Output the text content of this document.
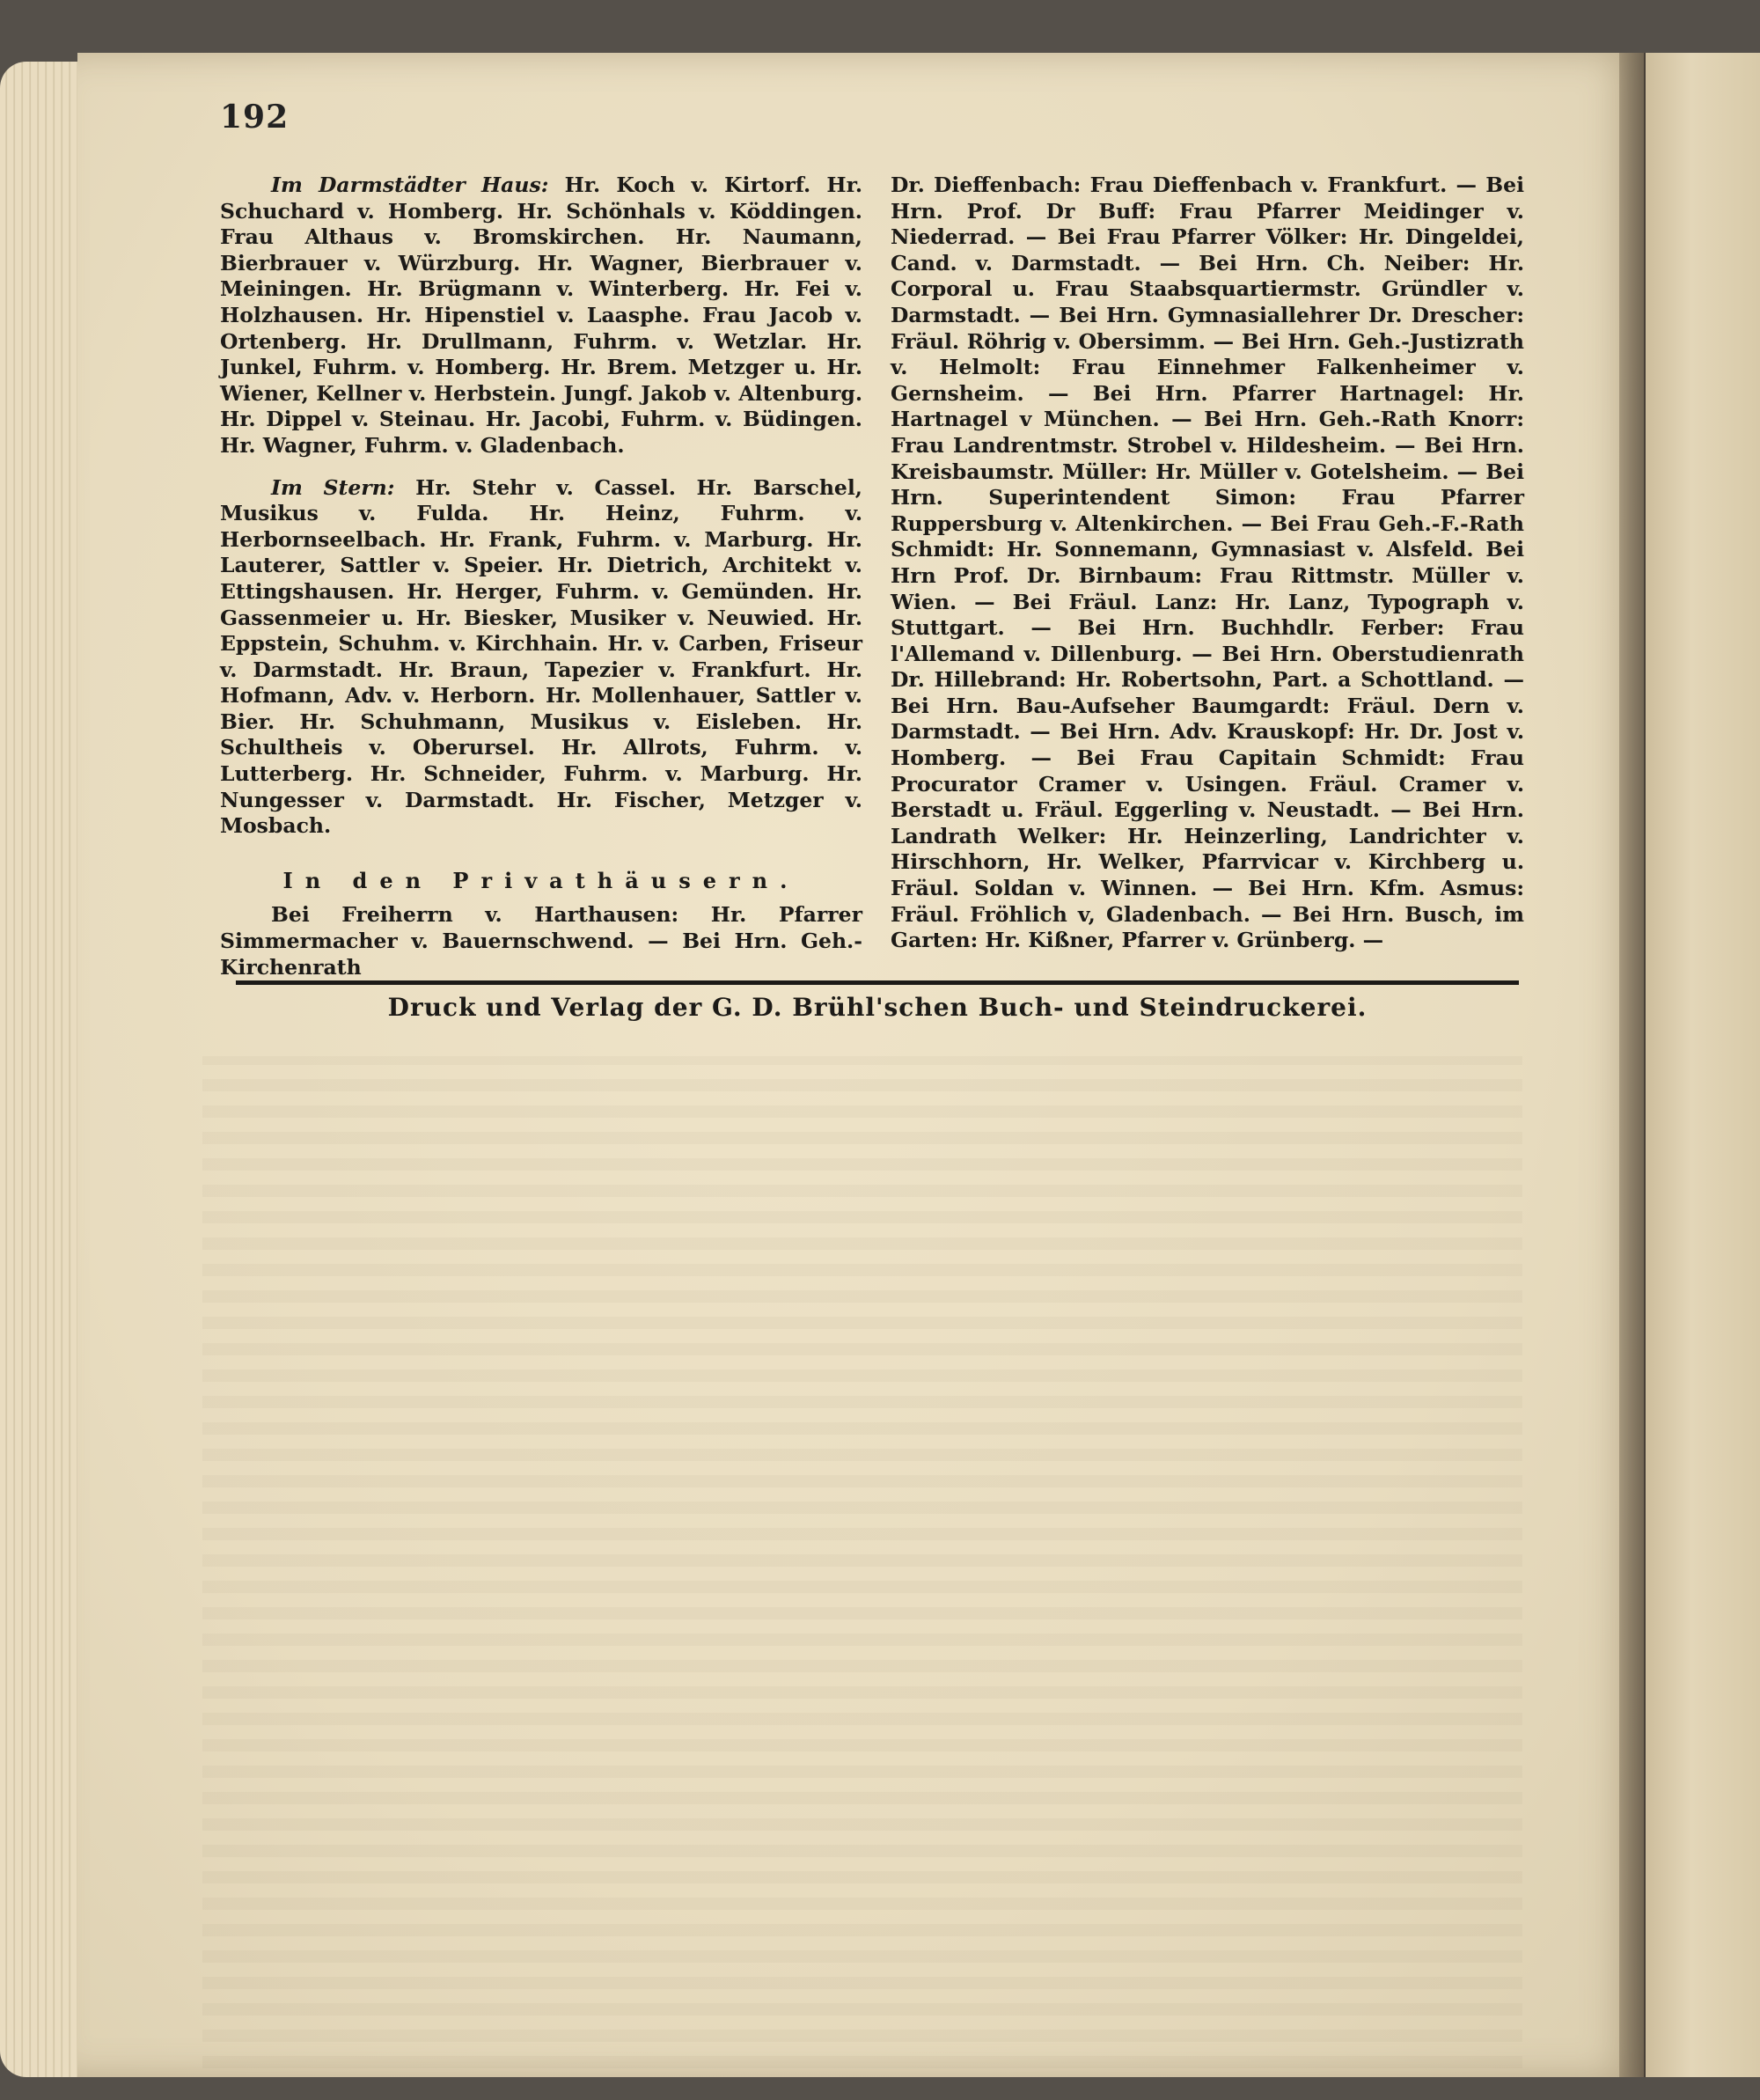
192

Im Darmstädter Haus: Hr. Koch v. Kirtorf. Hr. Schuchard v. Homberg. Hr. Schönhals v. Köddingen. Frau Althaus v. Bromskirchen. Hr. Naumann, Bierbrauer v. Würzburg. Hr. Wagner, Bierbrauer v. Meiningen. Hr. Brügmann v. Winterberg. Hr. Fei v. Holzhausen. Hr. Hipenstiel v. Laasphe. Frau Jacob v. Ortenberg. Hr. Drullmann, Fuhrm. v. Wetzlar. Hr. Junkel, Fuhrm. v. Homberg. Hr. Brem. Metzger u. Hr. Wiener, Kellner v. Herbstein. Jungf. Jakob v. Altenburg. Hr. Dippel v. Steinau. Hr. Jacobi, Fuhrm. v. Büdingen. Hr. Wagner, Fuhrm. v. Gladenbach.

Im Stern: Hr. Stehr v. Cassel. Hr. Barschel, Musikus v. Fulda. Hr. Heinz, Fuhrm. v. Herbornseelbach. Hr. Frank, Fuhrm. v. Marburg. Hr. Lauterer, Sattler v. Speier. Hr. Dietrich, Architekt v. Ettingshausen. Hr. Herger, Fuhrm. v. Gemünden. Hr. Gassenmeier u. Hr. Biesker, Musiker v. Neuwied. Hr. Eppstein, Schuhm. v. Kirchhain. Hr. v. Carben, Friseur v. Darmstadt. Hr. Braun, Tapezier v. Frankfurt. Hr. Hofmann, Adv. v. Herborn. Hr. Mollenhauer, Sattler v. Bier. Hr. Schuhmann, Musikus v. Eisleben. Hr. Schultheis v. Oberursel. Hr. Allrots, Fuhrm. v. Lutterberg. Hr. Schneider, Fuhrm. v. Marburg. Hr. Nungesser v. Darmstadt. Hr. Fischer, Metzger v. Mosbach.

In den Privathäusern.

Bei Freiherrn v. Harthausen: Hr. Pfarrer Simmermacher v. Bauernschwend. — Bei Hrn. Geh.-Kirchenrath

Dr. Dieffenbach: Frau Dieffenbach v. Frankfurt. — Bei Hrn. Prof. Dr Buff: Frau Pfarrer Meidinger v. Niederrad. — Bei Frau Pfarrer Völker: Hr. Dingeldei, Cand. v. Darmstadt. — Bei Hrn. Ch. Neiber: Hr. Corporal u. Frau Staabsquartiermstr. Gründler v. Darmstadt. — Bei Hrn. Gymnasiallehrer Dr. Drescher: Fräul. Röhrig v. Obersimm. — Bei Hrn. Geh.-Justizrath v. Helmolt: Frau Einnehmer Falkenheimer v. Gernsheim. — Bei Hrn. Pfarrer Hartnagel: Hr. Hartnagel v München. — Bei Hrn. Geh.-Rath Knorr: Frau Landrentmstr. Strobel v. Hildesheim. — Bei Hrn. Kreisbaumstr. Müller: Hr. Müller v. Gotelsheim. — Bei Hrn. Superintendent Simon: Frau Pfarrer Ruppersburg v. Altenkirchen. — Bei Frau Geh.-F.-Rath Schmidt: Hr. Sonnemann, Gymnasiast v. Alsfeld. Bei Hrn Prof. Dr. Birnbaum: Frau Rittmstr. Müller v. Wien. — Bei Fräul. Lanz: Hr. Lanz, Typograph v. Stuttgart. — Bei Hrn. Buchhdlr. Ferber: Frau l'Allemand v. Dillenburg. — Bei Hrn. Oberstudienrath Dr. Hillebrand: Hr. Robertsohn, Part. a Schottland. — Bei Hrn. Bau-Aufseher Baumgardt: Fräul. Dern v. Darmstadt. — Bei Hrn. Adv. Krauskopf: Hr. Dr. Jost v. Homberg. — Bei Frau Capitain Schmidt: Frau Procurator Cramer v. Usingen. Fräul. Cramer v. Berstadt u. Fräul. Eggerling v. Neustadt. — Bei Hrn. Landrath Welker: Hr. Heinzerling, Landrichter v. Hirschhorn, Hr. Welker, Pfarrvicar v. Kirchberg u. Fräul. Soldan v. Winnen. — Bei Hrn. Kfm. Asmus: Fräul. Fröhlich v, Gladenbach. — Bei Hrn. Busch, im Garten: Hr. Kißner, Pfarrer v. Grünberg. —

Druck und Verlag der G. D. Brühl'schen Buch- und Steindruckerei.
